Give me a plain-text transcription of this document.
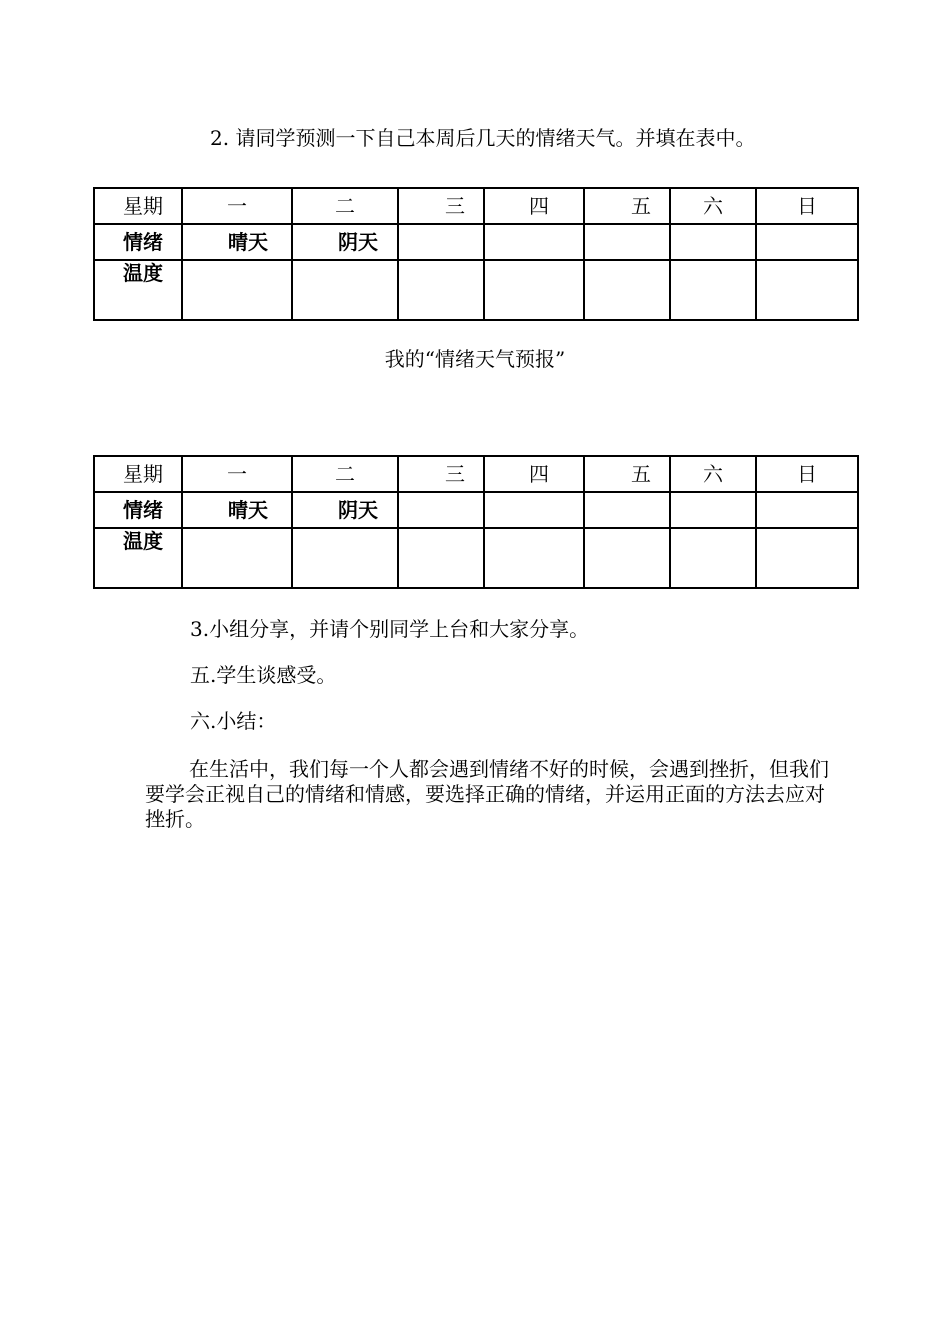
2. 请同学预测一下自己本周后几天的情绪天气。并填在表中。
星期	一	二	三	四	五	六	日
情绪	晴天	阴天					
温度							
我的“情绪天气预报”
星期	一	二	三	四	五	六	日
情绪	晴天	阴天					
温度							
3.小组分享，并请个别同学上台和大家分享。
五.学生谈感受。
六.小结：
在生活中，我们每一个人都会遇到情绪不好的时候，会遇到挫折，但我们要学会正视自己的情绪和情感，要选择正确的情绪，并运用正面的方法去应对挫折。
